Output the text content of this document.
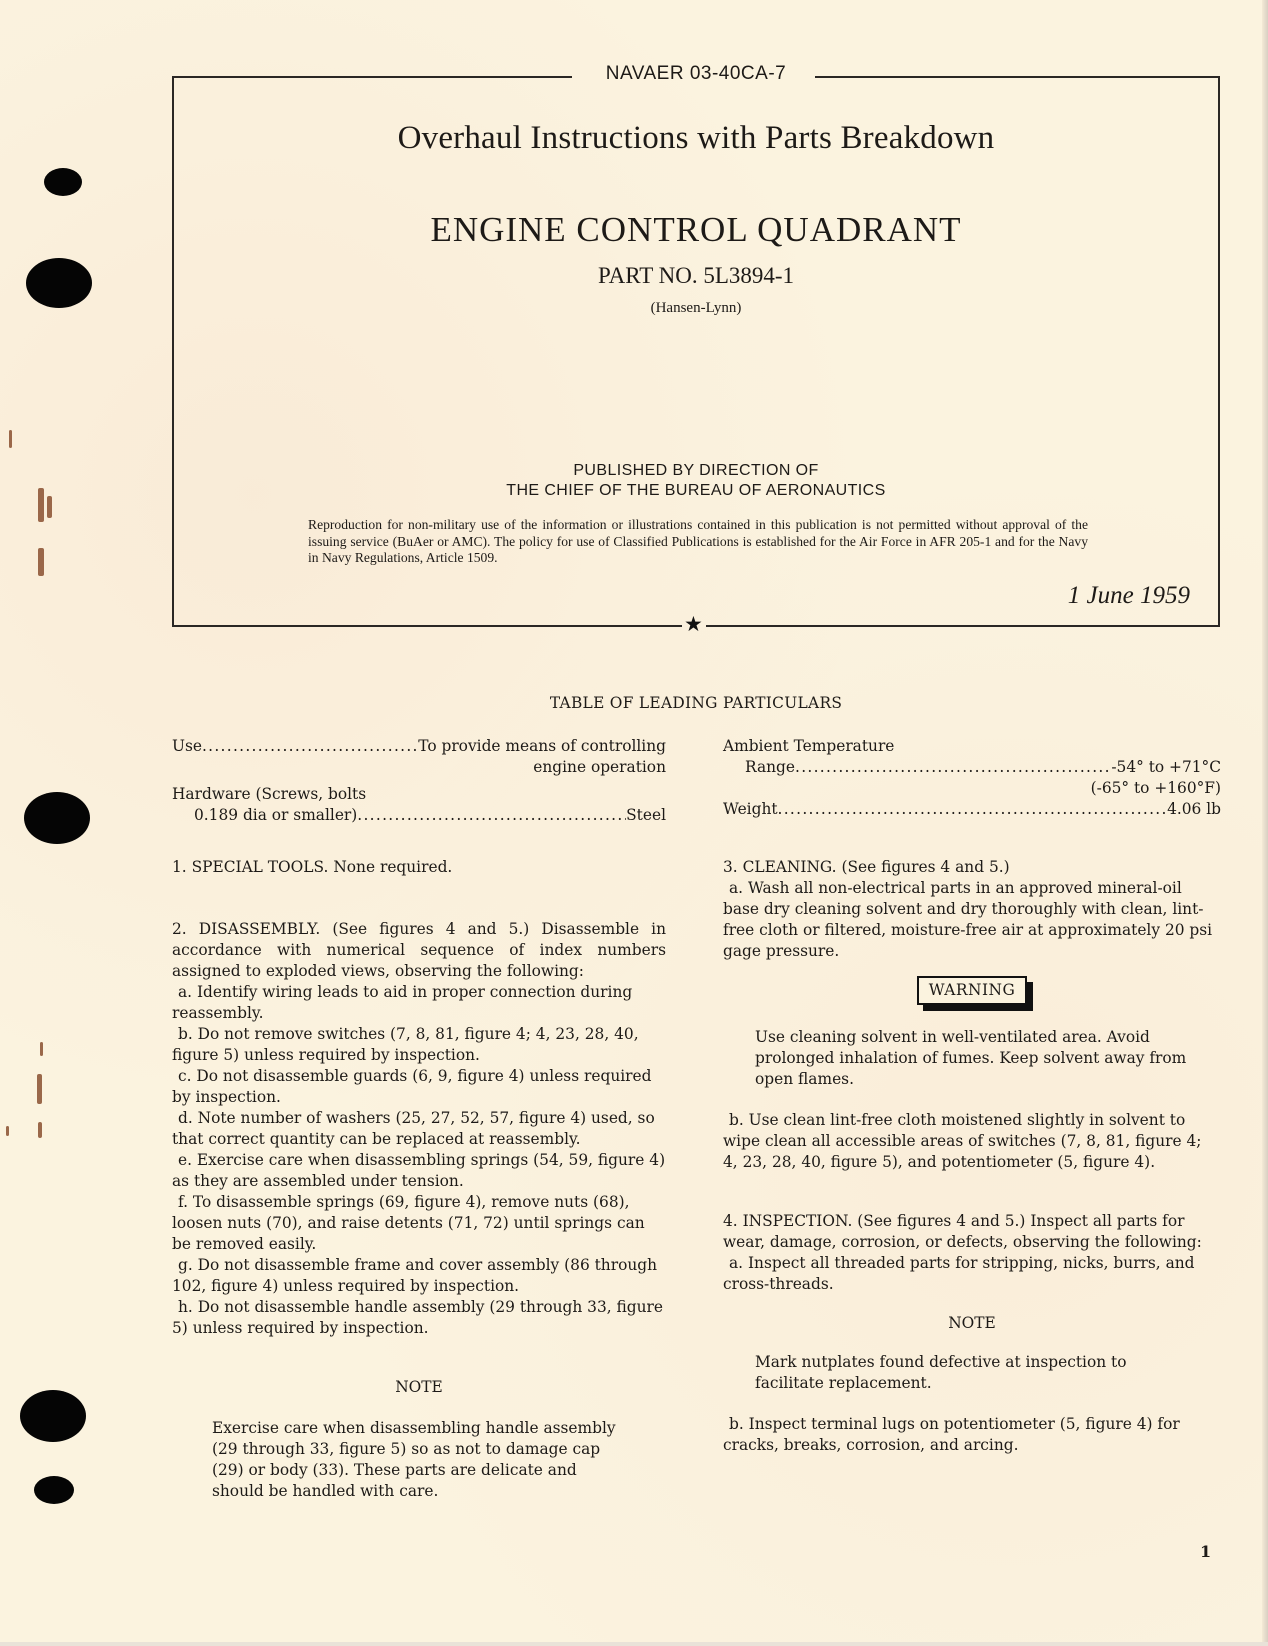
★
NAVAER 03-40CA-7
Overhaul Instructions with Parts Breakdown
ENGINE CONTROL QUADRANT
PART NO. 5L3894-1
(Hansen-Lynn)
PUBLISHED BY DIRECTION OF
THE CHIEF OF THE BUREAU OF AERONAUTICS
Reproduction for non-military use of the information or illustrations contained in this publication is not permitted without approval of the issuing service (BuAer or AMC). The policy for use of Classified Publications is established for the Air Force in AFR 205-1 and for the Navy in Navy Regulations, Article 1509.
1 June 1959
TABLE OF LEADING PARTICULARS
Use .....	To provide means of controlling
engine operation
Hardware (Screws, bolts
0.189 dia or smaller) .....	Steel
Ambient Temperature
Range .....	-54° to +71°C
(-65° to +160°F)
Weight .....	4.06 lb

1. SPECIAL TOOLS. None required.

2. DISASSEMBLY. (See figures 4 and 5.) Disassemble in accordance with numerical sequence of index numbers assigned to exploded views, observing the following:

a. Identify wiring leads to aid in proper connection during reassembly.

b. Do not remove switches (7, 8, 81, figure 4; 4, 23, 28, 40, figure 5) unless required by inspection.

c. Do not disassemble guards (6, 9, figure 4) unless required by inspection.

d. Note number of washers (25, 27, 52, 57, figure 4) used, so that correct quantity can be replaced at reassembly.

e. Exercise care when disassembling springs (54, 59, figure 4) as they are assembled under tension.

f. To disassemble springs (69, figure 4), remove nuts (68), loosen nuts (70), and raise detents (71, 72) until springs can be removed easily.

g. Do not disassemble frame and cover assembly (86 through 102, figure 4) unless required by inspection.

h. Do not disassemble handle assembly (29 through 33, figure 5) unless required by inspection.

NOTE

Exercise care when disassembling handle assembly (29 through 33, figure 5) so as not to damage cap (29) or body (33). These parts are delicate and should be handled with care.

3. CLEANING. (See figures 4 and 5.)

a. Wash all non-electrical parts in an approved mineral-oil base dry cleaning solvent and dry thoroughly with clean, lint-free cloth or filtered, moisture-free air at approximately 20 psi gage pressure.

WARNING

Use cleaning solvent in well-ventilated area. Avoid prolonged inhalation of fumes. Keep solvent away from open flames.

b. Use clean lint-free cloth moistened slightly in solvent to wipe clean all accessible areas of switches (7, 8, 81, figure 4; 4, 23, 28, 40, figure 5), and potentiometer (5, figure 4).

4. INSPECTION. (See figures 4 and 5.) Inspect all parts for wear, damage, corrosion, or defects, observing the following:

a. Inspect all threaded parts for stripping, nicks, burrs, and cross-threads.

NOTE

Mark nutplates found defective at inspection to facilitate replacement.

b. Inspect terminal lugs on potentiometer (5, figure 4) for cracks, breaks, corrosion, and arcing.

1
